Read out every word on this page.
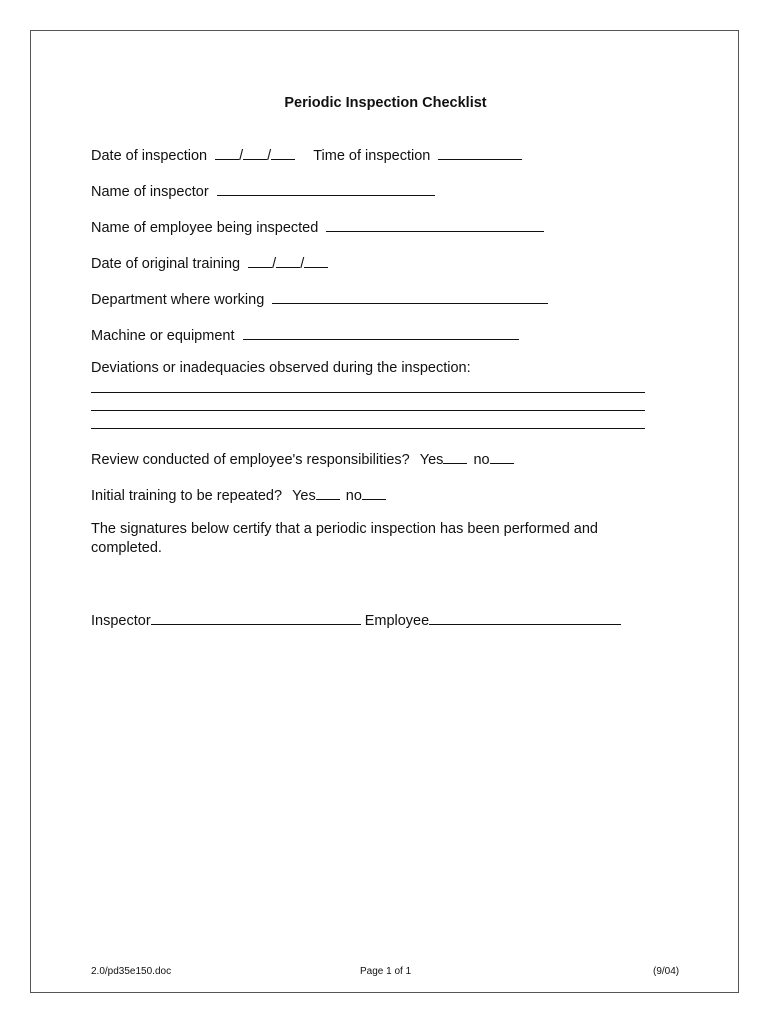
Periodic Inspection Checklist
Date of inspection / /	Time of inspection
Name of inspector
Name of employee being inspected
Date of original training / /
Department where working
Machine or equipment
Deviations or inadequacies observed during the inspection:
Review conducted of employee's responsibilities? Yes no
Initial training to be repeated? Yes no
The signatures below certify that a periodic inspection has been performed and completed.
Inspector	Employee
2.0/pd35e150.doc	Page 1 of 1	(9/04)
